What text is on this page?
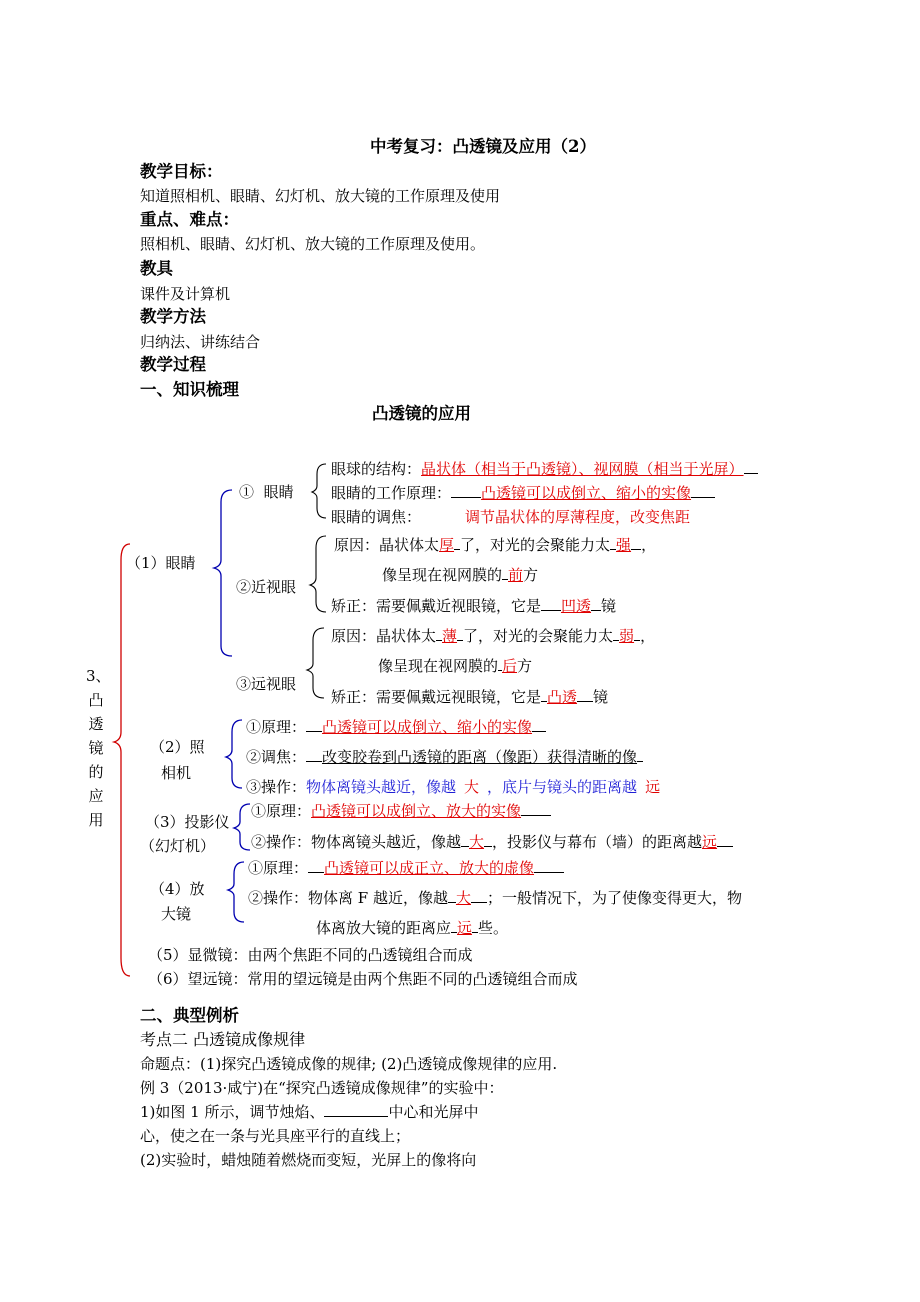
中考复习：凸透镜及应用（2）
教学目标：
知道照相机、眼睛、幻灯机、放大镜的工作原理及使用
重点、难点：
照相机、眼睛、幻灯机、放大镜的工作原理及使用。
教具
课件及计算机
教学方法
归纳法、讲练结合
教学过程
一、知识梳理
凸透镜的应用
3、凸透镜的应用
（1）眼睛
① 眼睛
眼球的结构：晶状体（相当于凸透镜）、视网膜（相当于光屏）
眼睛的工作原理： 凸透镜可以成倒立、缩小的实像
眼睛的调焦：	调节晶状体的厚薄程度，改变焦距
②近视眼
原因：晶状体太厚 了，对光的会聚能力太 强 ，
像呈现在视网膜的 前方
矫正：需要佩戴近视眼镜，它是 凹透 镜
③远视眼
原因：晶状体太 薄 了，对光的会聚能力太 弱 ，
像呈现在视网膜的 后方
矫正：需要佩戴远视眼镜，它是 凸透 镜
（2）照
相机
①原理： 凸透镜可以成倒立、缩小的实像
②调焦： 改变胶卷到凸透镜的距离（像距）获得清晰的像
③操作：物体离镜头越近，像越 大 ，底片与镜头的距离越 远
（3）投影仪
（幻灯机）
①原理：凸透镜可以成倒立、放大的实像
②操作：物体离镜头越近，像越 大 ，投影仪与幕布（墙）的距离越远
（4）放
大镜
①原理： 凸透镜可以成正立、放大的虚像
②操作：物体离 F 越近，像越 大 ；一般情况下，为了使像变得更大，物
体离放大镜的距离应 远 些。
（5）显微镜：由两个焦距不同的凸透镜组合而成
（6）望远镜：常用的望远镜是由两个焦距不同的凸透镜组合而成
二、典型例析
考点二 凸透镜成像规律
命题点：(1)探究凸透镜成像的规律; (2)凸透镜成像规律的应用.
例 3（2013·咸宁)在“探究凸透镜成像规律”的实验中：
1)如图 1 所示，调节烛焰、	中心和光屏中
心，使之在一条与光具座平行的直线上；
(2)实验时，蜡烛随着燃烧而变短，光屏上的像将向
